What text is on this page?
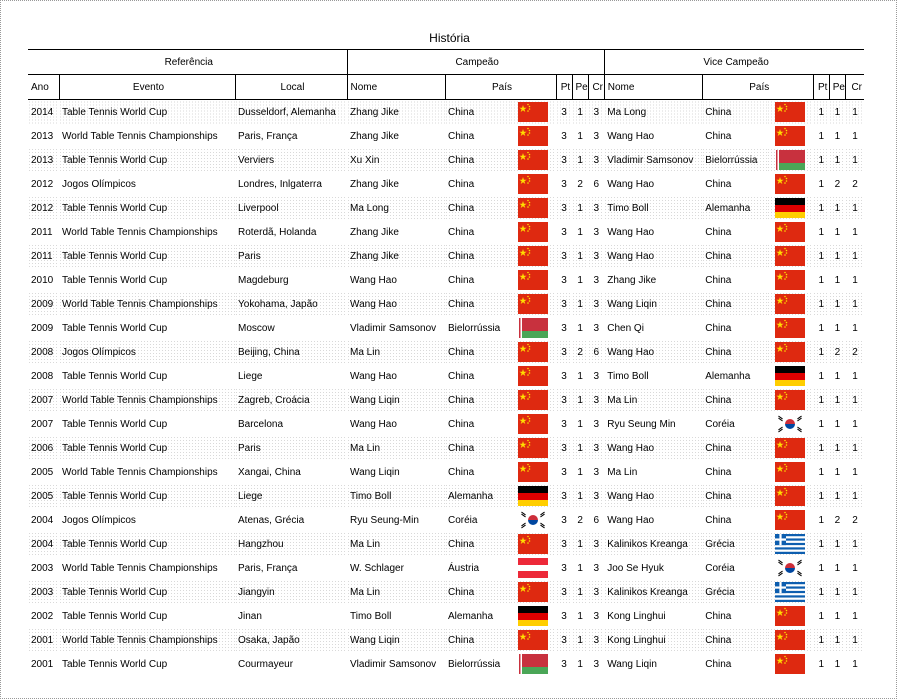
História
Referência			Campeão						Vice Campeão					
Ano	Evento	Local	Nome	País		Pt	Pe	Cr	Nome	País		Pt	Pe	Cr
2014	Table Tennis World Cup	Dusseldorf, Alemanha	Zhang Jike	China		3	1	3	Ma Long	China		1	1	1
2013	World Table Tennis Championships	Paris, França	Zhang Jike	China		3	1	3	Wang Hao	China		1	1	1
2013	Table Tennis World Cup	Verviers	Xu Xin	China		3	1	3	Vladimir Samsonov	Bielorrússia		1	1	1
2012	Jogos Olímpicos	Londres, Inlgaterra	Zhang Jike	China		3	2	6	Wang Hao	China		1	2	2
2012	Table Tennis World Cup	Liverpool	Ma Long	China		3	1	3	Timo Boll	Alemanha		1	1	1
2011	World Table Tennis Championships	Roterdã, Holanda	Zhang Jike	China		3	1	3	Wang Hao	China		1	1	1
2011	Table Tennis World Cup	Paris	Zhang Jike	China		3	1	3	Wang Hao	China		1	1	1
2010	Table Tennis World Cup	Magdeburg	Wang Hao	China		3	1	3	Zhang Jike	China		1	1	1
2009	World Table Tennis Championships	Yokohama, Japão	Wang Hao	China		3	1	3	Wang Liqin	China		1	1	1
2009	Table Tennis World Cup	Moscow	Vladimir Samsonov	Bielorrússia		3	1	3	Chen Qi	China		1	1	1
2008	Jogos Olímpicos	Beijing, China	Ma Lin	China		3	2	6	Wang Hao	China		1	2	2
2008	Table Tennis World Cup	Liege	Wang Hao	China		3	1	3	Timo Boll	Alemanha		1	1	1
2007	World Table Tennis Championships	Zagreb, Croácia	Wang Liqin	China		3	1	3	Ma Lin	China		1	1	1
2007	Table Tennis World Cup	Barcelona	Wang Hao	China		3	1	3	Ryu Seung Min	Coréia		1	1	1
2006	Table Tennis World Cup	Paris	Ma Lin	China		3	1	3	Wang Hao	China		1	1	1
2005	World Table Tennis Championships	Xangai, China	Wang Liqin	China		3	1	3	Ma Lin	China		1	1	1
2005	Table Tennis World Cup	Liege	Timo Boll	Alemanha		3	1	3	Wang Hao	China		1	1	1
2004	Jogos Olímpicos	Atenas, Grécia	Ryu Seung-Min	Coréia		3	2	6	Wang Hao	China		1	2	2
2004	Table Tennis World Cup	Hangzhou	Ma Lin	China		3	1	3	Kalinikos Kreanga	Grécia		1	1	1
2003	World Table Tennis Championships	Paris, França	W. Schlager	Áustria		3	1	3	Joo Se Hyuk	Coréia		1	1	1
2003	Table Tennis World Cup	Jiangyin	Ma Lin	China		3	1	3	Kalinikos Kreanga	Grécia		1	1	1
2002	Table Tennis World Cup	Jinan	Timo Boll	Alemanha		3	1	3	Kong Linghui	China		1	1	1
2001	World Table Tennis Championships	Osaka, Japão	Wang Liqin	China		3	1	3	Kong Linghui	China		1	1	1
2001	Table Tennis World Cup	Courmayeur	Vladimir Samsonov	Bielorrússia		3	1	3	Wang Liqin	China		1	1	1
